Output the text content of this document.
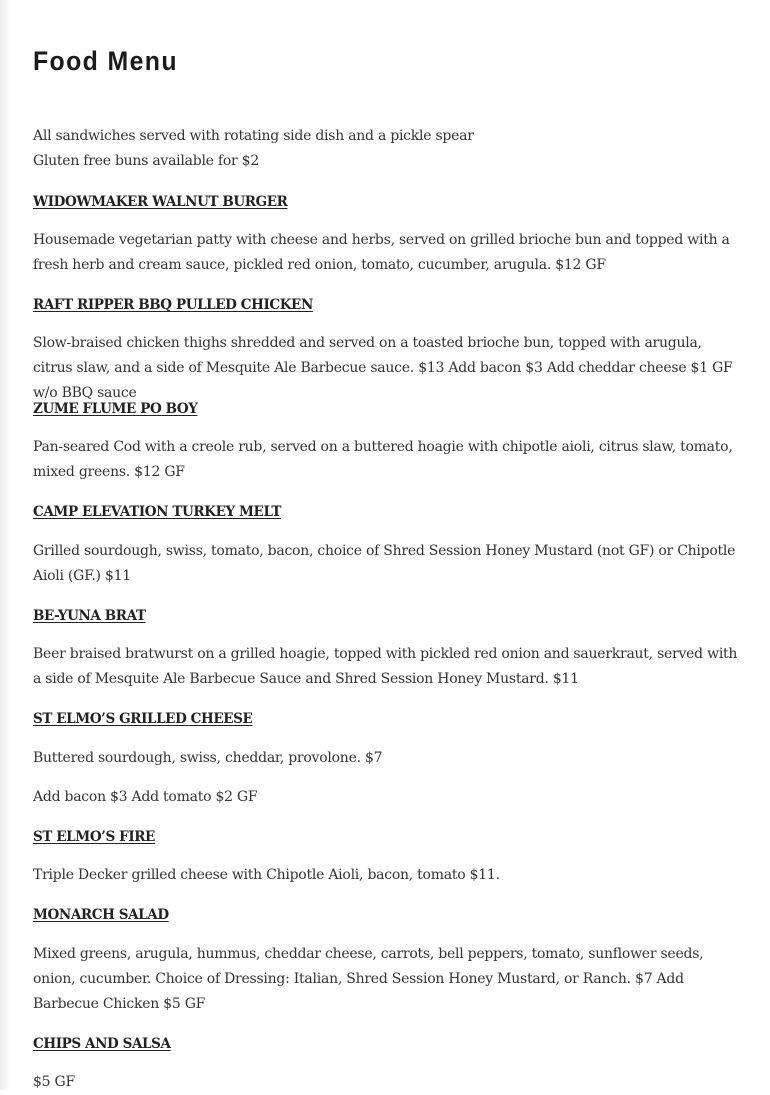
Food Menu

All sandwiches served with rotating side dish and a pickle spear

Gluten free buns available for $2

WIDOWMAKER WALNUT BURGER

Housemade vegetarian patty with cheese and herbs, served on grilled brioche bun and topped with a fresh herb and cream sauce, pickled red onion, tomato, cucumber, arugula. $12 GF

RAFT RIPPER BBQ PULLED CHICKEN

Slow-braised chicken thighs shredded and served on a toasted brioche bun, topped with arugula, citrus slaw, and a side of Mesquite Ale Barbecue sauce. $13 Add bacon $3 Add cheddar cheese $1 GF w/o BBQ sauce

ZUME FLUME PO BOY

Pan-seared Cod with a creole rub, served on a buttered hoagie with chipotle aioli, citrus slaw, tomato, mixed greens. $12 GF

CAMP ELEVATION TURKEY MELT

Grilled sourdough, swiss, tomato, bacon, choice of Shred Session Honey Mustard (not GF) or Chipotle Aioli (GF.) $11

BE-YUNA BRAT

Beer braised bratwurst on a grilled hoagie, topped with pickled red onion and sauerkraut, served with a side of Mesquite Ale Barbecue Sauce and Shred Session Honey Mustard. $11

ST ELMO’S GRILLED CHEESE

Buttered sourdough, swiss, cheddar, provolone. $7

Add bacon $3 Add tomato $2 GF

ST ELMO’S FIRE

Triple Decker grilled cheese with Chipotle Aioli, bacon, tomato $11.

MONARCH SALAD

Mixed greens, arugula, hummus, cheddar cheese, carrots, bell peppers, tomato, sunflower seeds, onion, cucumber. Choice of Dressing: Italian, Shred Session Honey Mustard, or Ranch. $7 Add Barbecue Chicken $5 GF

CHIPS AND SALSA

$5 GF
